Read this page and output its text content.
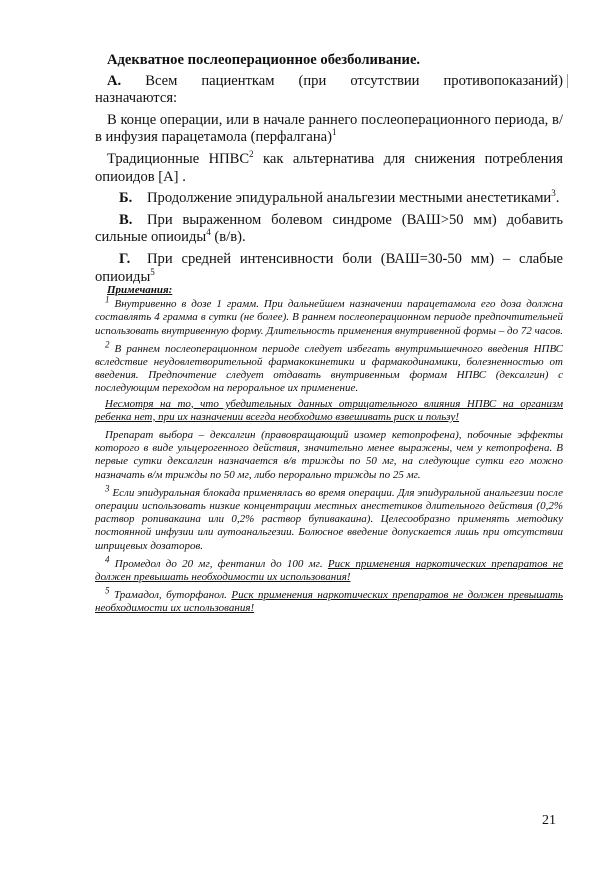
Адекватное послеоперационное обезболивание.
А. Всем пациенткам (при отсутствии противопоказаний)
назначаются:
В конце операции, или в начале раннего послеоперационного периода, в/в инфузия парацетамола (перфалгана)$^1$
Традиционные НПВС$^2$ как альтернатива для снижения потребления опиоидов [А] .
Б. Продолжение эпидуральной анальгезии местными анестетиками$^3$.
В. При выраженном болевом синдроме (ВАШ>50 мм) добавить сильные опиоиды$^4$ (в/в).
Г. При средней интенсивности боли (ВАШ=30-50 мм) – слабые опиоиды$^5$
Примечания:
$^1$ Внутривенно в дозе 1 грамм. При дальнейшем назначении парацетамола его доза должна составлять 4 грамма в сутки (не более). В раннем послеоперационном периоде предпочтительней использовать внутривенную форму. Длительность применения внутривенной формы – до 72 часов.
$^2$ В раннем послеоперационном периоде следует избегать внутримышечного введения НПВС вследствие неудовлетворительной фармакокинетики и фармакодинамики, болезненностью от введения. Предпочтение следует отдавать внутривенным формам НПВС (дексалгин) с последующим переходом на пероральное их применение.
Несмотря на то, что убедительных данных отрицательного влияния НПВС на организм ребенка нет, при их назначении всегда необходимо взвешивать риск и пользу!
Препарат выбора – дексалгин (правовращающий изомер кетопрофена), побочные эффекты которого в виде ульцерогенного действия, значительно менее выражены, чем у кетопрофена. В первые сутки дексалгин назначается в/в трижды по 50 мг, на следующие сутки его можно назначать в/м трижды по 50 мг, либо перорально трижды по 25 мг.
$^3$ Если эпидуральная блокада применялась во время операции. Для эпидуральной анальгезии после операции использовать низкие концентрации местных анестетиков длительного действия (0,2% раствор ропивакаина или 0,2% раствор бупивакаина). Целесообразно применять методику постоянной инфузии или аутоанальгезии. Болюсное введение допускается лишь при отсутствии шприцевых дозаторов.
$^4$ Промедол до 20 мг, фентанил до 100 мг. Риск применения наркотических препаратов не должен превышать необходимости их использования!
$^5$ Трамадол, буторфанол. Риск применения наркотических препаратов не должен превышать необходимости их использования!
21
